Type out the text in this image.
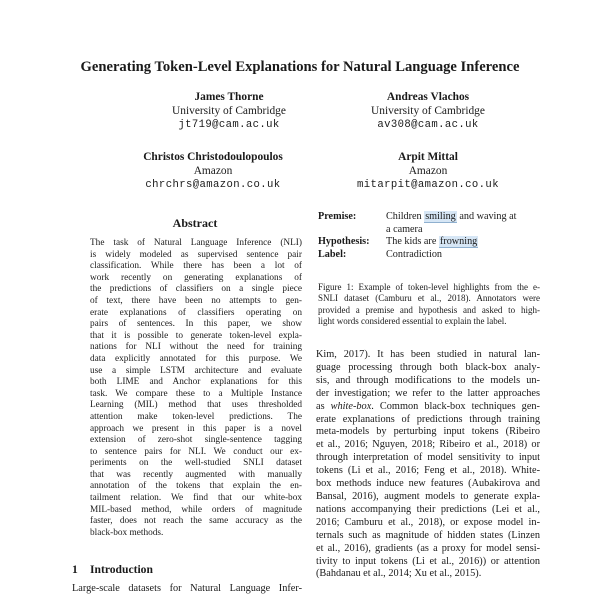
Generating Token-Level Explanations for Natural Language Inference
James Thorne
University of Cambridge
jt719@cam.ac.uk
Andreas Vlachos
University of Cambridge
av308@cam.ac.uk
Christos Christodoulopoulos
Amazon
chrchrs@amazon.co.uk
Arpit Mittal
Amazon
mitarpit@amazon.co.uk
Abstract
The task of Natural Language Inference (NLI)
is widely modeled as supervised sentence pair
classification. While there has been a lot of
work recently on generating explanations of
the predictions of classifiers on a single piece
of text, there have been no attempts to gen-
erate explanations of classifiers operating on
pairs of sentences. In this paper, we show
that it is possible to generate token-level expla-
nations for NLI without the need for training
data explicitly annotated for this purpose. We
use a simple LSTM architecture and evaluate
both LIME and Anchor explanations for this
task. We compare these to a Multiple Instance
Learning (MIL) method that uses thresholded
attention make token-level predictions. The
approach we present in this paper is a novel
extension of zero-shot single-sentence tagging
to sentence pairs for NLI. We conduct our ex-
periments on the well-studied SNLI dataset
that was recently augmented with manually
annotation of the tokens that explain the en-
tailment relation. We find that our white-box
MIL-based method, while orders of magnitude
faster, does not reach the same accuracy as the
black-box methods.
1 Introduction
Large-scale datasets for Natural Language Infer-
Premise:	Children smiling and waving at
a camera
Hypothesis:	The kids are frowning
Label:	Contradiction
Figure 1: Example of token-level highlights from the e-
SNLI dataset (Camburu et al., 2018). Annotators were
provided a premise and hypothesis and asked to high-
light words considered essential to explain the label.
Kim, 2017). It has been studied in natural lan-
guage processing through both black-box analy-
sis, and through modifications to the models un-
der investigation; we refer to the latter approaches
as white-box. Common black-box techniques gen-
erate explanations of predictions through training
meta-models by perturbing input tokens (Ribeiro
et al., 2016; Nguyen, 2018; Ribeiro et al., 2018) or
through interpretation of model sensitivity to input
tokens (Li et al., 2016; Feng et al., 2018). White-
box methods induce new features (Aubakirova and
Bansal, 2016), augment models to generate expla-
nations accompanying their predictions (Lei et al.,
2016; Camburu et al., 2018), or expose model in-
ternals such as magnitude of hidden states (Linzen
et al., 2016), gradients (as a proxy for model sensi-
tivity to input tokens (Li et al., 2016)) or attention
(Bahdanau et al., 2014; Xu et al., 2015).
